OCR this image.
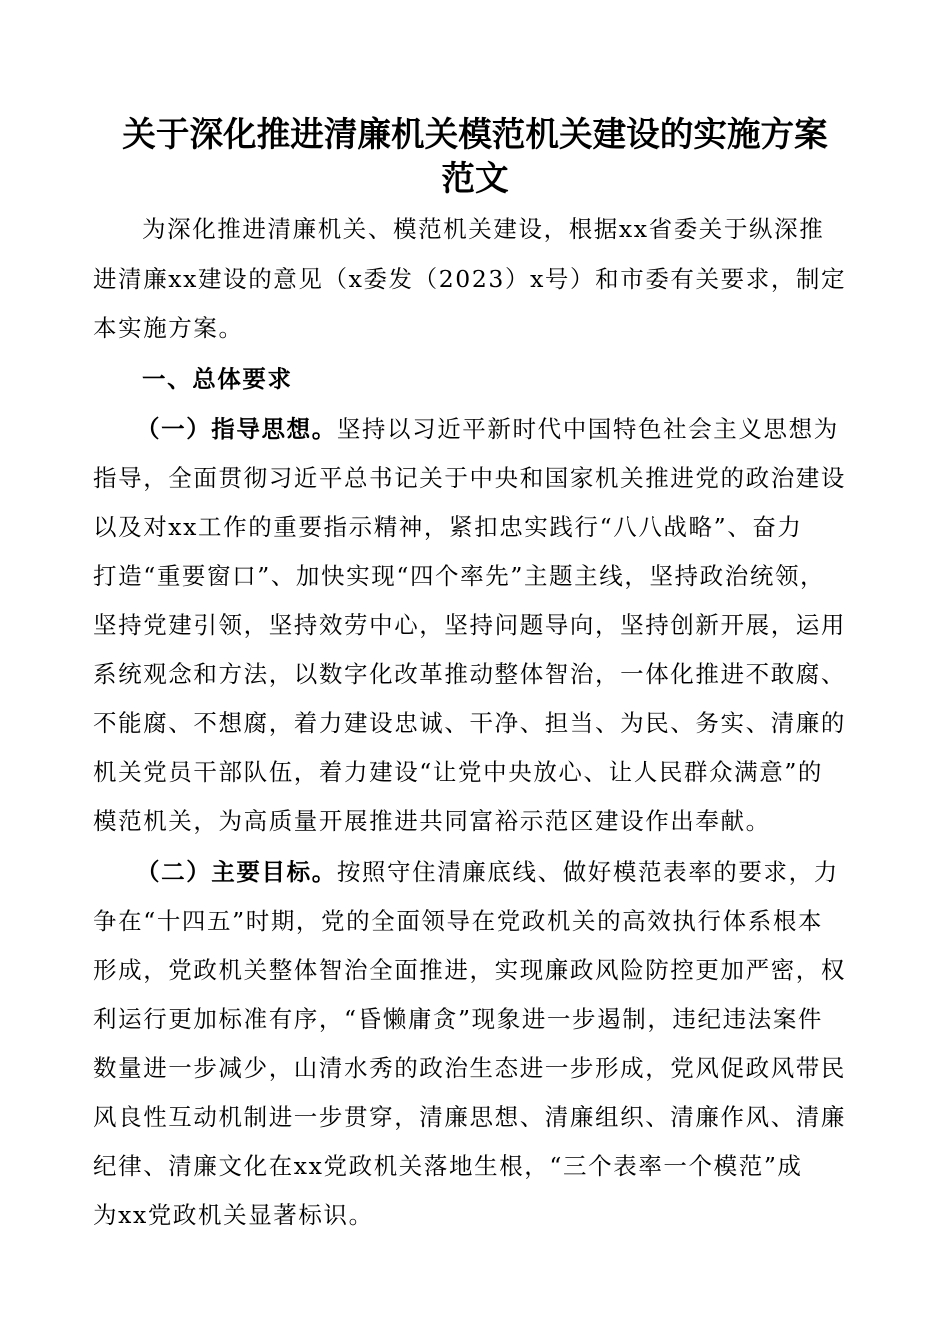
关于深化推进清廉机关模范机关建设的实施方案
范文

为深化推进清廉机关、模范机关建设，根据xx省委关于纵深推

进清廉xx建设的意见（x委发（2023）x号）和市委有关要求，制定

本实施方案。

一、总体要求

（一）指导思想。坚持以习近平新时代中国特色社会主义思想为

指导，全面贯彻习近平总书记关于中央和国家机关推进党的政治建设

以及对xx工作的重要指示精神，紧扣忠实践行“八八战略”、奋力

打造“重要窗口”、加快实现“四个率先”主题主线，坚持政治统领，

坚持党建引领，坚持效劳中心，坚持问题导向，坚持创新开展，运用

系统观念和方法，以数字化改革推动整体智治，一体化推进不敢腐、

不能腐、不想腐，着力建设忠诚、干净、担当、为民、务实、清廉的

机关党员干部队伍，着力建设“让党中央放心、让人民群众满意”的

模范机关，为高质量开展推进共同富裕示范区建设作出奉献。

（二）主要目标。按照守住清廉底线、做好模范表率的要求，力

争在“十四五”时期，党的全面领导在党政机关的高效执行体系根本

形成，党政机关整体智治全面推进，实现廉政风险防控更加严密，权

利运行更加标准有序，“昏懒庸贪”现象进一步遏制，违纪违法案件

数量进一步减少，山清水秀的政治生态进一步形成，党风促政风带民

风良性互动机制进一步贯穿，清廉思想、清廉组织、清廉作风、清廉

纪律、清廉文化在xx党政机关落地生根，“三个表率一个模范”成

为xx党政机关显著标识。
